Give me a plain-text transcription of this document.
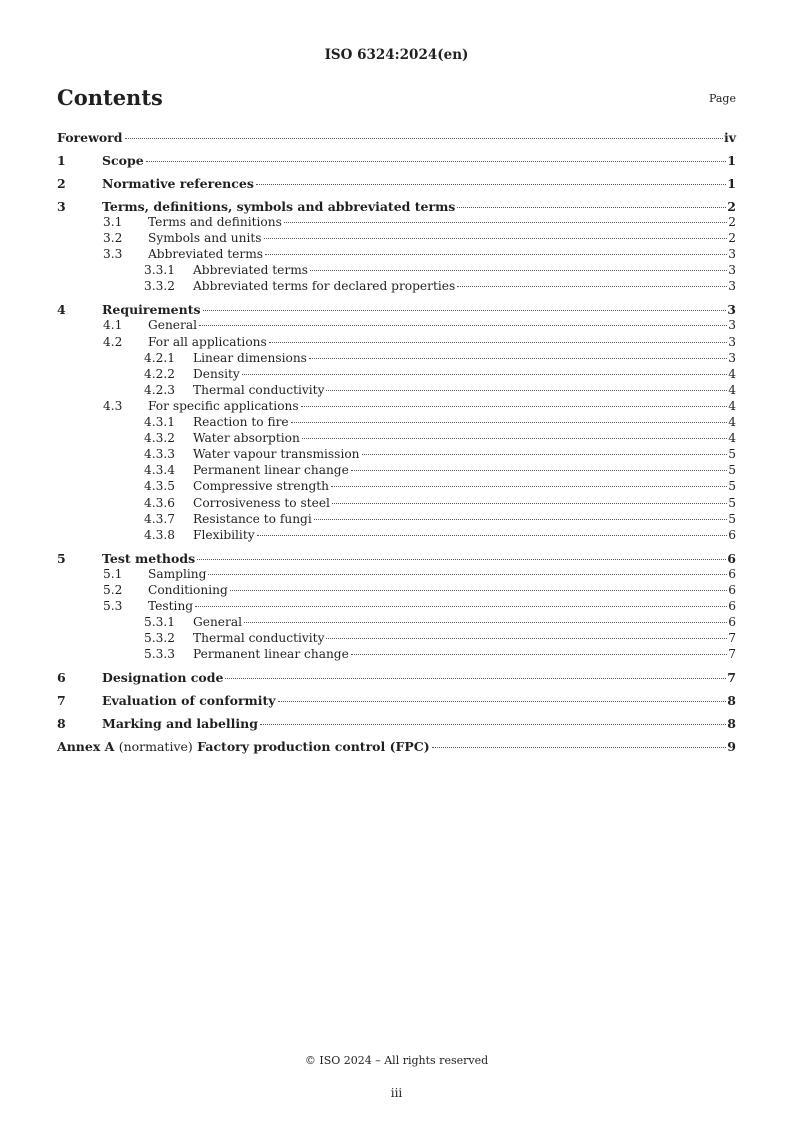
ISO 6324:2024(en)
Contents	Page
Foreword	iv
1	Scope	1
2	Normative references	1
3	Terms, definitions, symbols and abbreviated terms	2
3.1	Terms and definitions	2
3.2	Symbols and units	2
3.3	Abbreviated terms	3
3.3.1	Abbreviated terms	3
3.3.2	Abbreviated terms for declared properties	3
4	Requirements	3
4.1	General	3
4.2	For all applications	3
4.2.1	Linear dimensions	3
4.2.2	Density	4
4.2.3	Thermal conductivity	4
4.3	For specific applications	4
4.3.1	Reaction to fire	4
4.3.2	Water absorption	4
4.3.3	Water vapour transmission	5
4.3.4	Permanent linear change	5
4.3.5	Compressive strength	5
4.3.6	Corrosiveness to steel	5
4.3.7	Resistance to fungi	5
4.3.8	Flexibility	6
5	Test methods	6
5.1	Sampling	6
5.2	Conditioning	6
5.3	Testing	6
5.3.1	General	6
5.3.2	Thermal conductivity	7
5.3.3	Permanent linear change	7
6	Designation code	7
7	Evaluation of conformity	8
8	Marking and labelling	8
Annex A (normative) Factory production control (FPC)	9
© ISO 2024 – All rights reserved
iii
